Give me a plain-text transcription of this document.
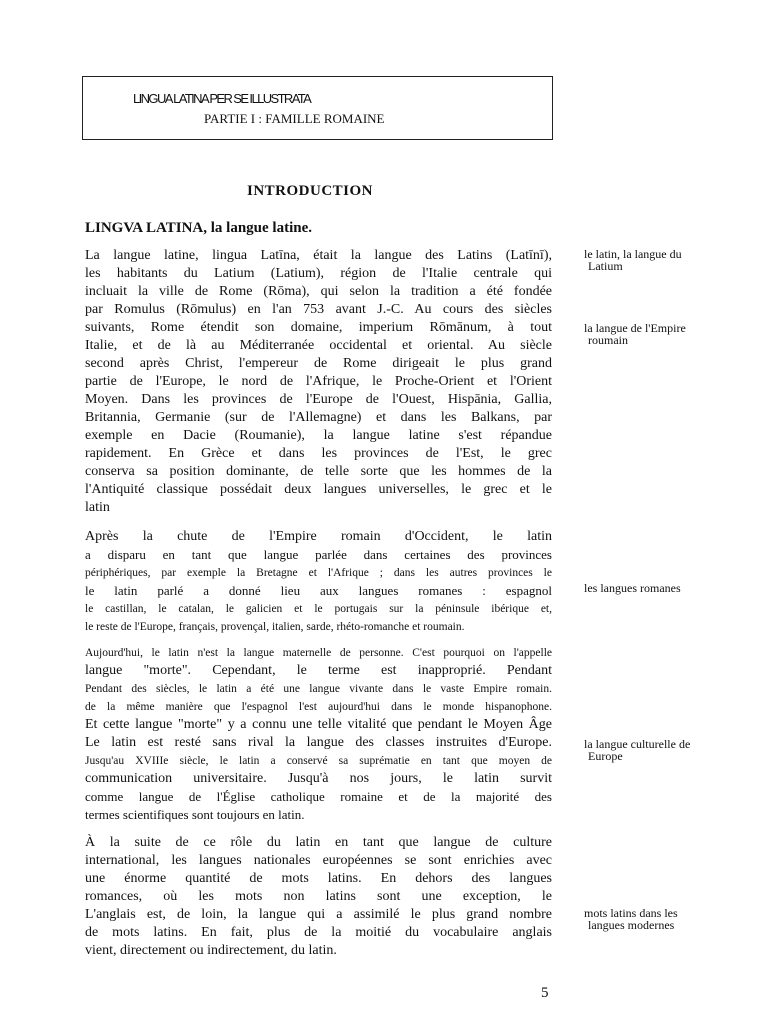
LINGUA LATINA PER SE ILLUSTRATA
PARTIE I : FAMILLE ROMAINE
INTRODUCTION
LINGVA LATINA, la langue latine.
La langue latine, lingua Latīna, était la langue des Latins (Latīnī),
les habitants du Latium (Latium), région de l'Italie centrale qui
incluait la ville de Rome (Rōma), qui selon la tradition a été fondée
par Romulus (Rōmulus) en l'an 753 avant J.-C. Au cours des siècles
suivants, Rome étendit son domaine, imperium Rōmānum, à tout
Italie, et de là au Méditerranée occidental et oriental. Au siècle
second après Christ, l'empereur de Rome dirigeait le plus grand
partie de l'Europe, le nord de l'Afrique, le Proche-Orient et l'Orient
Moyen. Dans les provinces de l'Europe de l'Ouest, Hispānia, Gallia,
Britannia, Germanie (sur de l'Allemagne) et dans les Balkans, par
exemple en Dacie (Roumanie), la langue latine s'est répandue
rapidement. En Grèce et dans les provinces de l'Est, le grec
conserva sa position dominante, de telle sorte que les hommes de la
l'Antiquité classique possédait deux langues universelles, le grec et le
latin
Après la chute de l'Empire romain d'Occident, le latin
a disparu en tant que langue parlée dans certaines des provinces
périphériques, par exemple la Bretagne et l'Afrique ; dans les autres provinces le
le latin parlé a donné lieu aux langues romanes : espagnol
le castillan, le catalan, le galicien et le portugais sur la péninsule ibérique et,
le reste de l'Europe, français, provençal, italien, sarde, rhéto-romanche et roumain.
Aujourd'hui, le latin n'est la langue maternelle de personne. C'est pourquoi on l'appelle
langue "morte". Cependant, le terme est inapproprié. Pendant
Pendant des siècles, le latin a été une langue vivante dans le vaste Empire romain.
de la même manière que l'espagnol l'est aujourd'hui dans le monde hispanophone.
Et cette langue "morte" y a connu une telle vitalité que pendant le Moyen Âge
Le latin est resté sans rival la langue des classes instruites d'Europe.
Jusqu'au XVIIIe siècle, le latin a conservé sa suprématie en tant que moyen de
communication universitaire. Jusqu'à nos jours, le latin survit
comme langue de l'Église catholique romaine et de la majorité des
termes scientifiques sont toujours en latin.
À la suite de ce rôle du latin en tant que langue de culture
international, les langues nationales européennes se sont enrichies avec
une énorme quantité de mots latins. En dehors des langues
romances, où les mots non latins sont une exception, le
L'anglais est, de loin, la langue qui a assimilé le plus grand nombre
de mots latins. En fait, plus de la moitié du vocabulaire anglais
vient, directement ou indirectement, du latin.
le latin, la langue du
Latium
la langue de l'Empire
roumain
les langues romanes
la langue culturelle de
Europe
mots latins dans les
langues modernes
5
